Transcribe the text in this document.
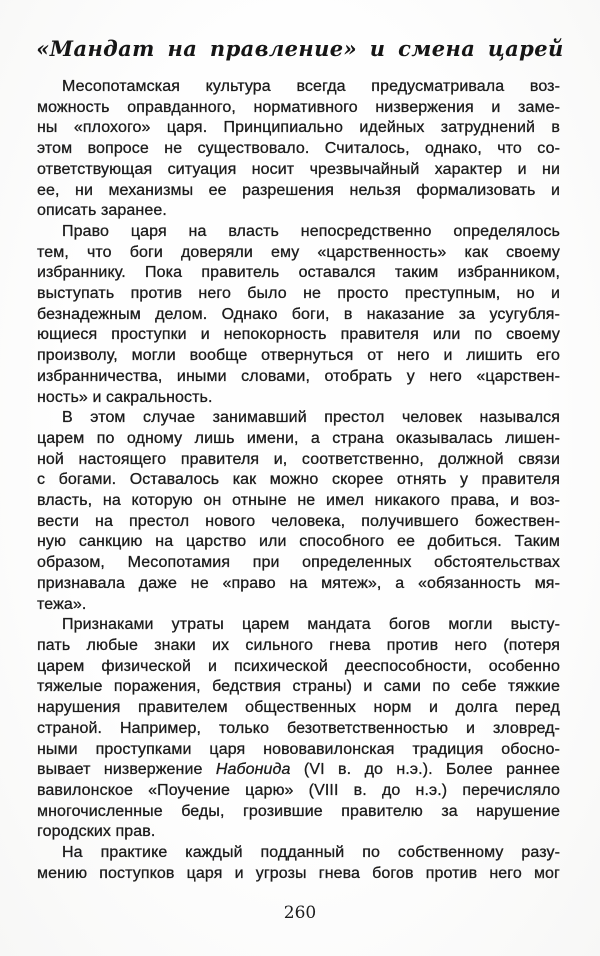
«Мандат на правление» и смена царей

Месопотамская культура всегда предусматривала воз-
можность оправданного, нормативного низвержения и заме-
ны «плохого» царя. Принципиально идейных затруднений в
этом вопросе не существовало. Считалось, однако, что со-
ответствующая ситуация носит чрезвычайный характер и ни
ее, ни механизмы ее разрешения нельзя формализовать и
описать заранее.

Право царя на власть непосредственно определялось
тем, что боги доверяли ему «царственность» как своему
избраннику. Пока правитель оставался таким избранником,
выступать против него было не просто преступным, но и
безнадежным делом. Однако боги, в наказание за усугубля-
ющиеся проступки и непокорность правителя или по своему
произволу, могли вообще отвернуться от него и лишить его
избранничества, иными словами, отобрать у него «царствен-
ность» и сакральность.

В этом случае занимавший престол человек назывался
царем по одному лишь имени, а страна оказывалась лишен-
ной настоящего правителя и, соответственно, должной связи
с богами. Оставалось как можно скорее отнять у правителя
власть, на которую он отныне не имел никакого права, и воз-
вести на престол нового человека, получившего божествен-
ную санкцию на царство или способного ее добиться. Таким
образом, Месопотамия при определенных обстоятельствах
признавала даже не «право на мятеж», а «обязанность мя-
тежа».

Признаками утраты царем мандата богов могли высту-
пать любые знаки их сильного гнева против него (потеря
царем физической и психической дееспособности, особенно
тяжелые поражения, бедствия страны) и сами по себе тяжкие
нарушения правителем общественных норм и долга перед
страной. Например, только безответственностью и зловред-
ными проступками царя нововавилонская традиция обосно-
вывает низвержение Набонида (VI в. до н.э.). Более раннее
вавилонское «Поучение царю» (VIII в. до н.э.) перечисляло
многочисленные беды, грозившие правителю за нарушение
городских прав.

На практике каждый подданный по собственному разу-
мению поступков царя и угрозы гнева богов против него мог

260
